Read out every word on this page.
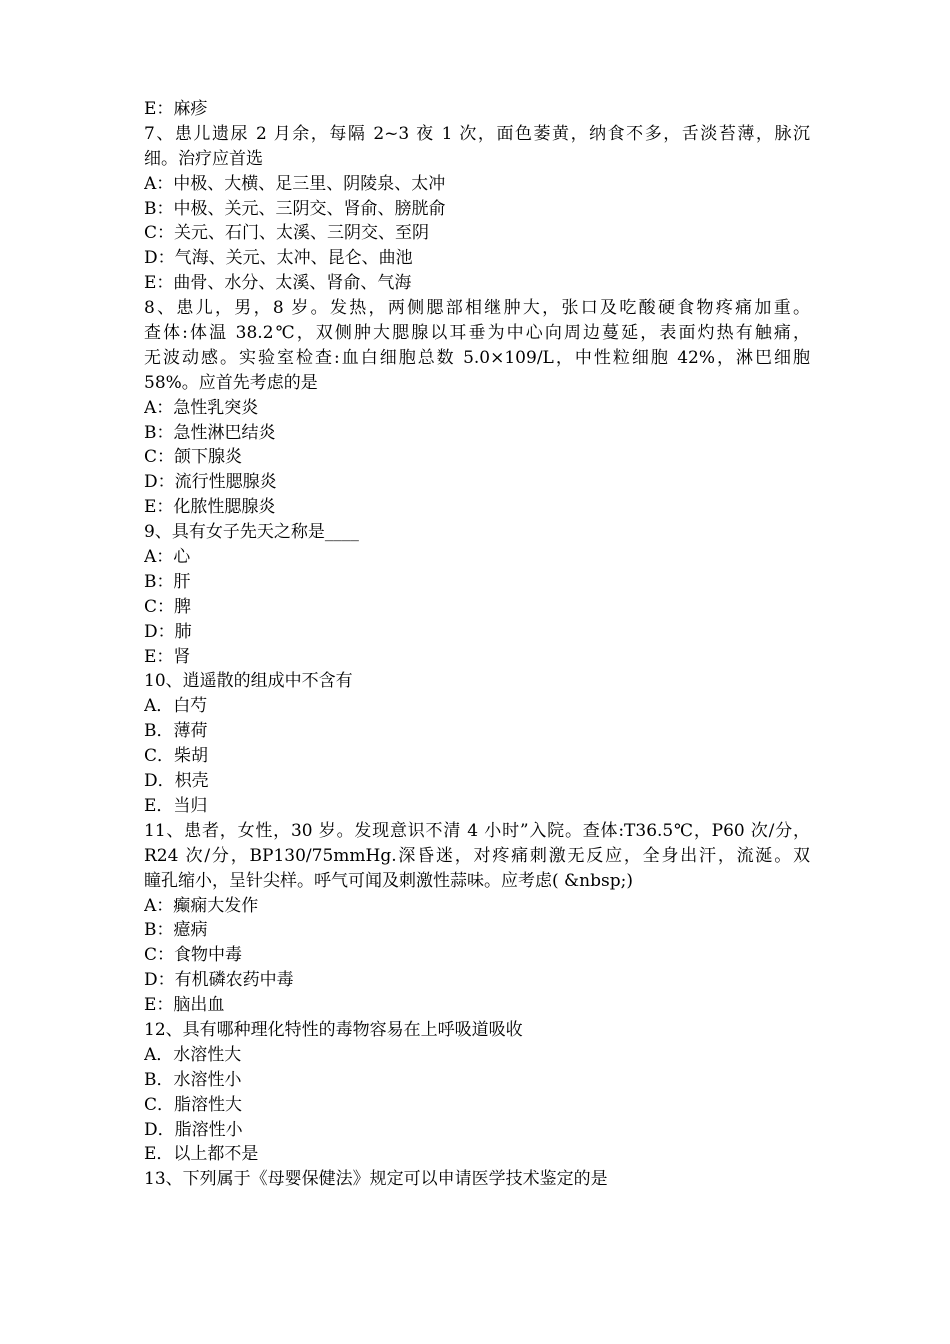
E：麻疹
7、患儿遗尿 2 月余，每隔 2~3 夜 1 次，面色萎黄，纳食不多，舌淡苔薄，脉沉
细。治疗应首选
A：中极、大横、足三里、阴陵泉、太冲
B：中极、关元、三阴交、肾俞、膀胱俞
C：关元、石门、太溪、三阴交、至阴
D：气海、关元、太冲、昆仑、曲池
E：曲骨、水分、太溪、肾俞、气海
8、患儿，男，8 岁。发热，两侧腮部相继肿大，张口及吃酸硬食物疼痛加重。
查体:体温 38.2℃，双侧肿大腮腺以耳垂为中心向周边蔓延，表面灼热有触痛，
无波动感。实验室检查:血白细胞总数 5.0×109/L，中性粒细胞 42%，淋巴细胞
58%。应首先考虑的是
A：急性乳突炎
B：急性淋巴结炎
C：颌下腺炎
D：流行性腮腺炎
E：化脓性腮腺炎
9、具有女子先天之称是____
A：心
B：肝
C：脾
D：肺
E：肾
10、逍遥散的组成中不含有
A．白芍
B．薄荷
C．柴胡
D．枳壳
E．当归
11、患者，女性，30 岁。发现意识不清 4 小时”入院。查体:T36.5℃，P60 次/分，
R24 次/分，BP130/75mmHg.深昏迷，对疼痛刺激无反应，全身出汗，流涎。双
瞳孔缩小，呈针尖样。呼气可闻及刺激性蒜味。应考虑( &nbsp;)
A：癫痫大发作
B：癔病
C：食物中毒
D：有机磷农药中毒
E：脑出血
12、具有哪种理化特性的毒物容易在上呼吸道吸收
A．水溶性大
B．水溶性小
C．脂溶性大
D．脂溶性小
E．以上都不是
13、下列属于《母婴保健法》规定可以申请医学技术鉴定的是
